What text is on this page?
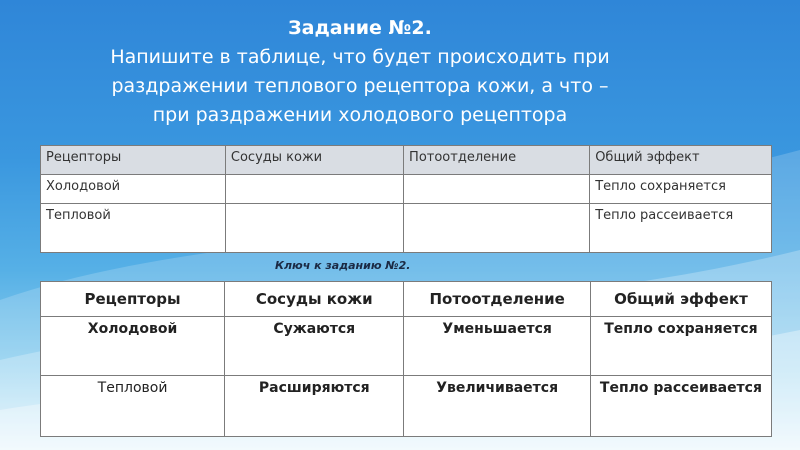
Задание №2.
Напишите в таблице, что будет происходить при
раздражении теплового рецептора кожи, а что –
при раздражении холодового рецептора
Рецепторы	Сосуды кожи	Потоотделение	Общий эффект
Холодовой			Тепло сохраняется
Тепловой			Тепло рассеивается
Ключ к заданию №2.
Рецепторы	Сосуды кожи	Потоотделение	Общий эффект
Холодовой	Сужаются	Уменьшается	Тепло сохраняется
Тепловой	Расширяются	Увеличивается	Тепло рассеивается
